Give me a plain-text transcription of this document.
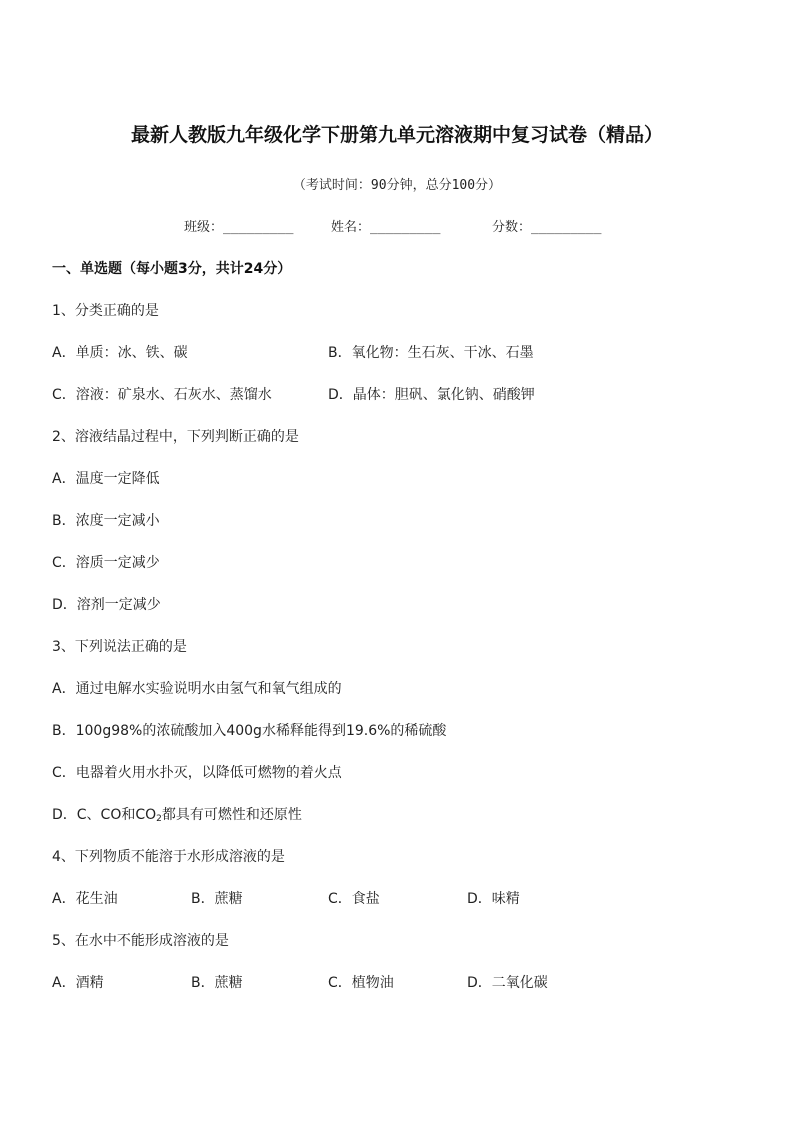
最新人教版九年级化学下册第九单元溶液期中复习试卷（精品）
（考试时间：90分钟，总分100分）
班级：_________	姓名：_________	分数：_________
一、单选题（每小题3分，共计24分）
1、分类正确的是
A．单质：冰、铁、碳	B．氧化物：生石灰、干冰、石墨
C．溶液：矿泉水、石灰水、蒸馏水	D．晶体：胆矾、氯化钠、硝酸钾
2、溶液结晶过程中，下列判断正确的是
A．温度一定降低
B．浓度一定减小
C．溶质一定减少
D．溶剂一定减少
3、下列说法正确的是
A．通过电解水实验说明水由氢气和氧气组成的
B．100g98%的浓硫酸加入400g水稀释能得到19.6%的稀硫酸
C．电器着火用水扑灭，以降低可燃物的着火点
D．C、CO和$CO_2$都具有可燃性和还原性
4、下列物质不能溶于水形成溶液的是
A．花生油	B．蔗糖	C．食盐	D．味精
5、在水中不能形成溶液的是
A．酒精	B．蔗糖	C．植物油	D．二氧化碳
